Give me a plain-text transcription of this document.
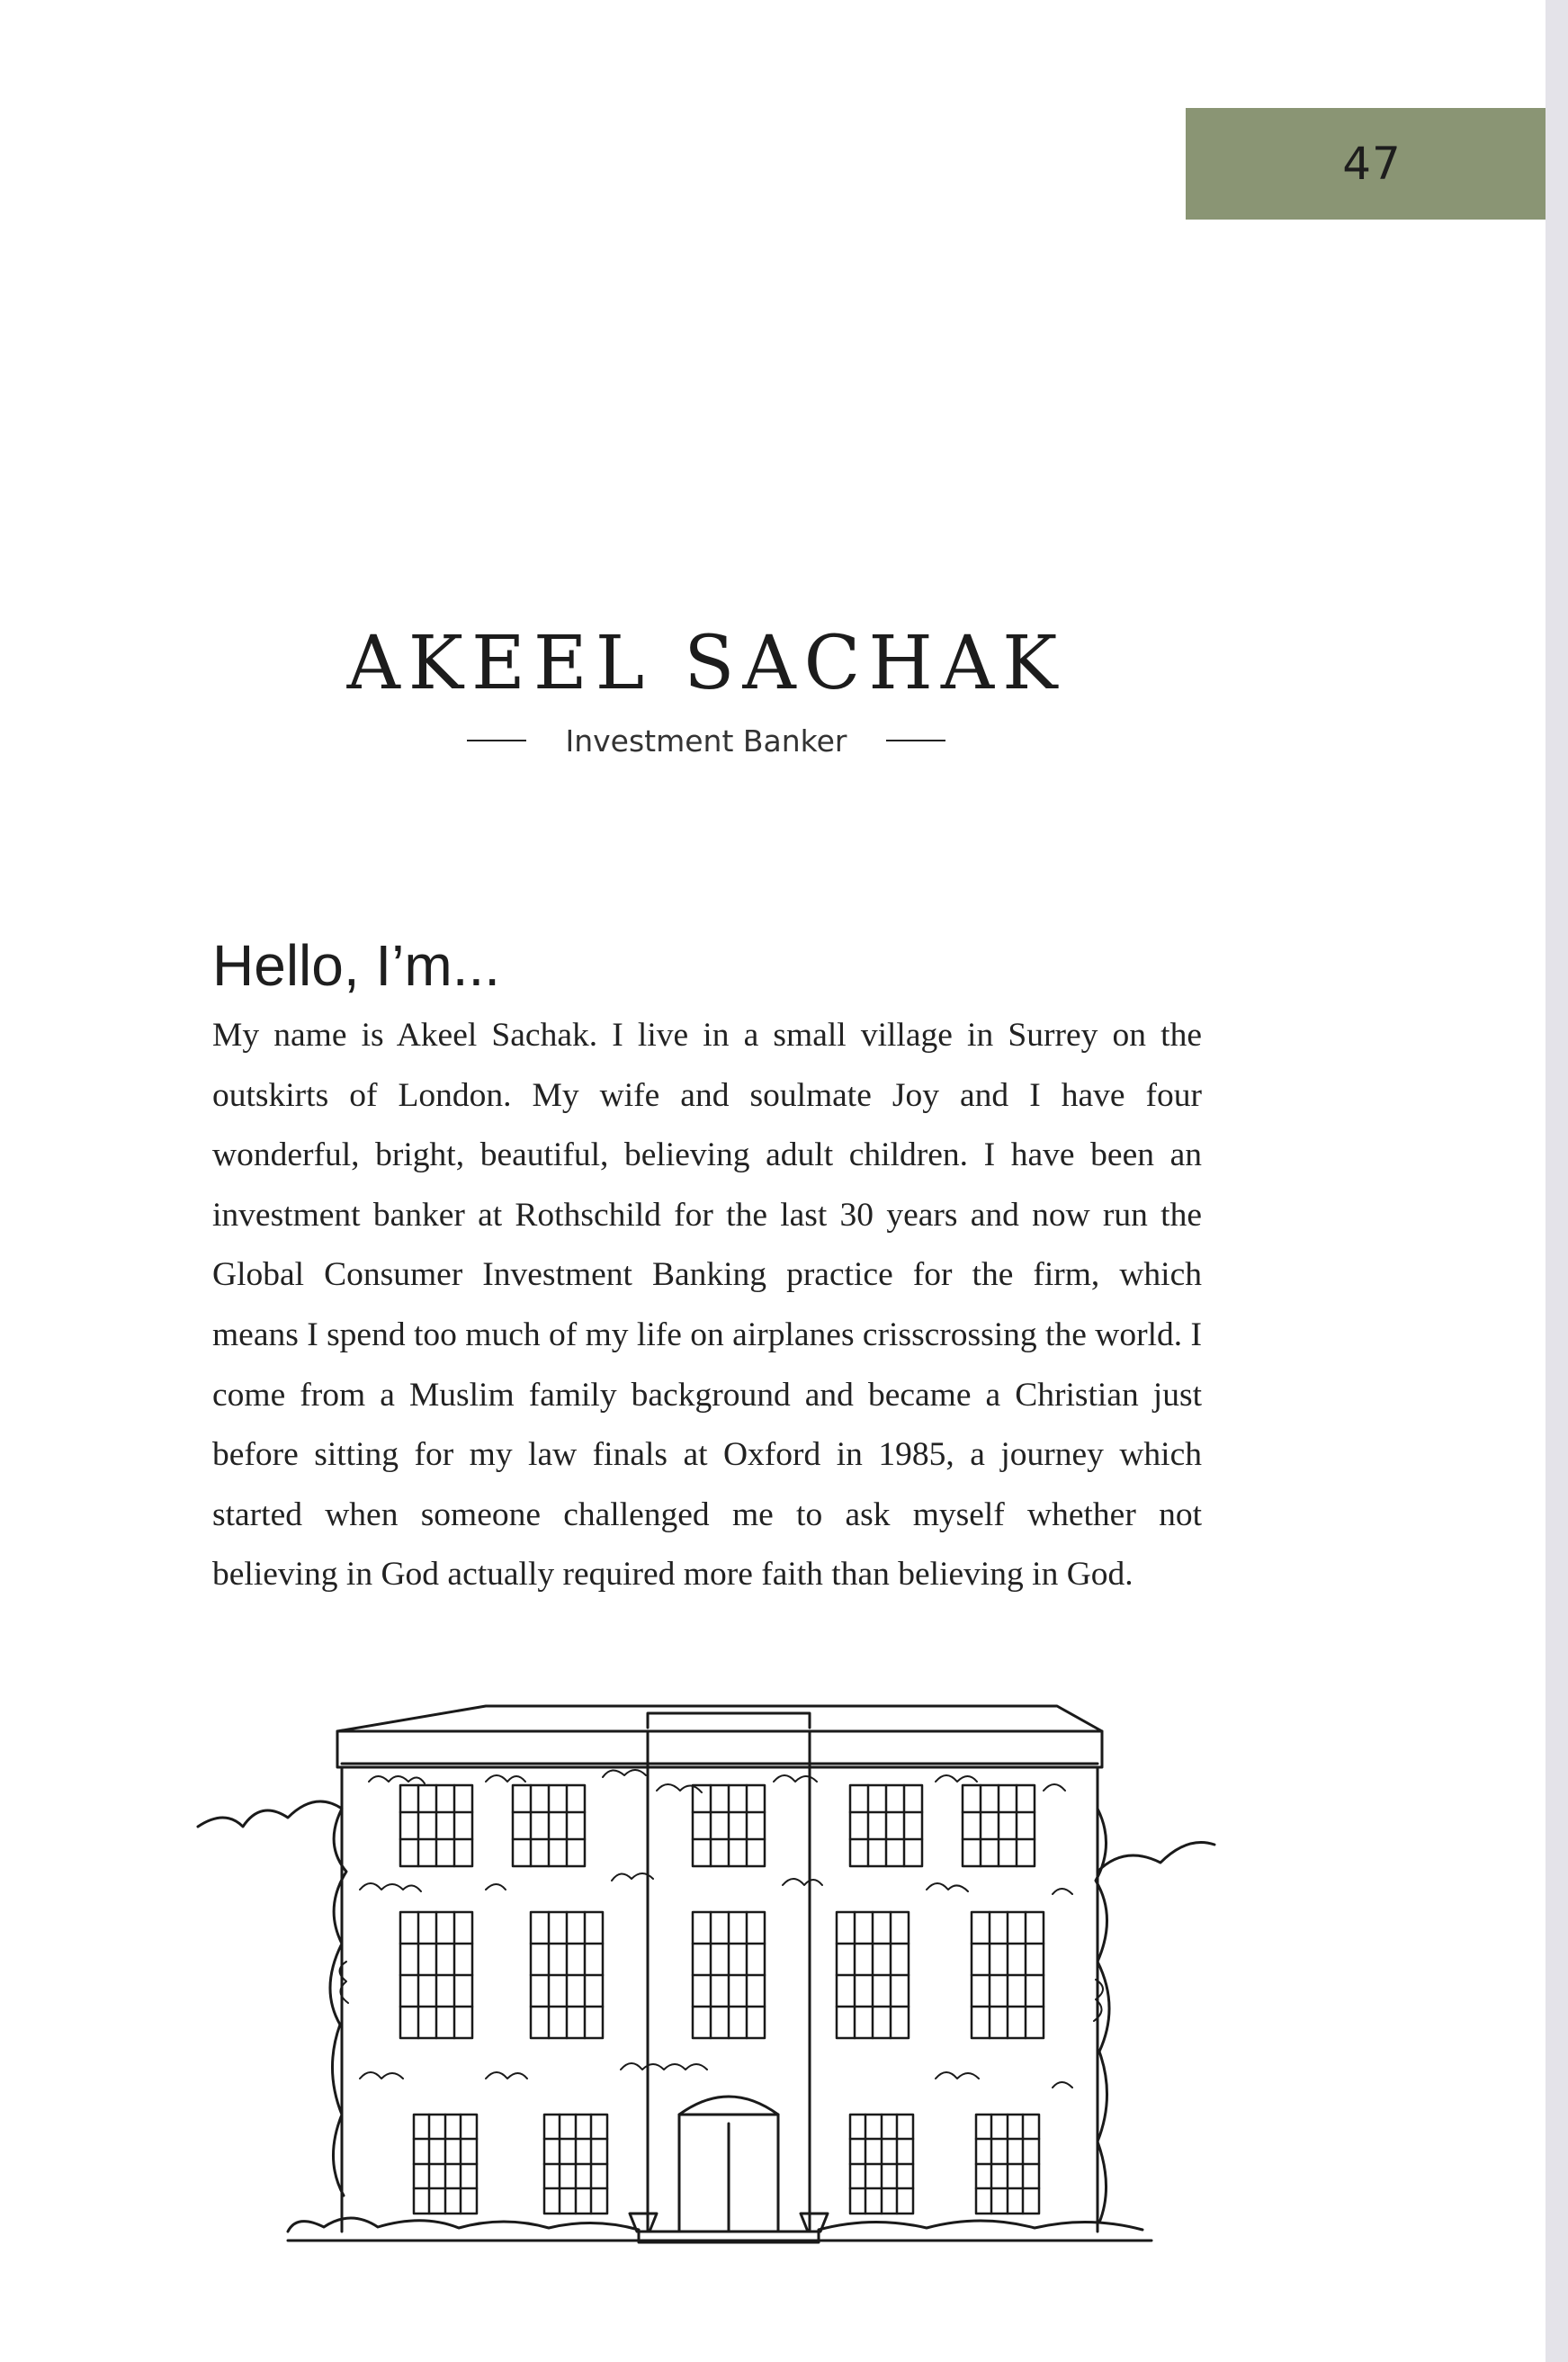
47
AKEEL SACHAK
Investment Banker
Hello, I’m...

My name is Akeel Sachak. I live in a small village in Surrey on the outskirts of London. My wife and soulmate Joy and I have four wonderful, bright, beautiful, believing adult children. I have been an investment banker at Rothschild for the last 30 years and now run the Global Consumer Investment Banking practice for the firm, which means I spend too much of my life on airplanes crisscrossing the world. I come from a Muslim family background and became a Christian just before sitting for my law finals at Oxford in 1985, a journey which started when someone challenged me to ask myself whether not believing in God actually required more faith than believing in God.
